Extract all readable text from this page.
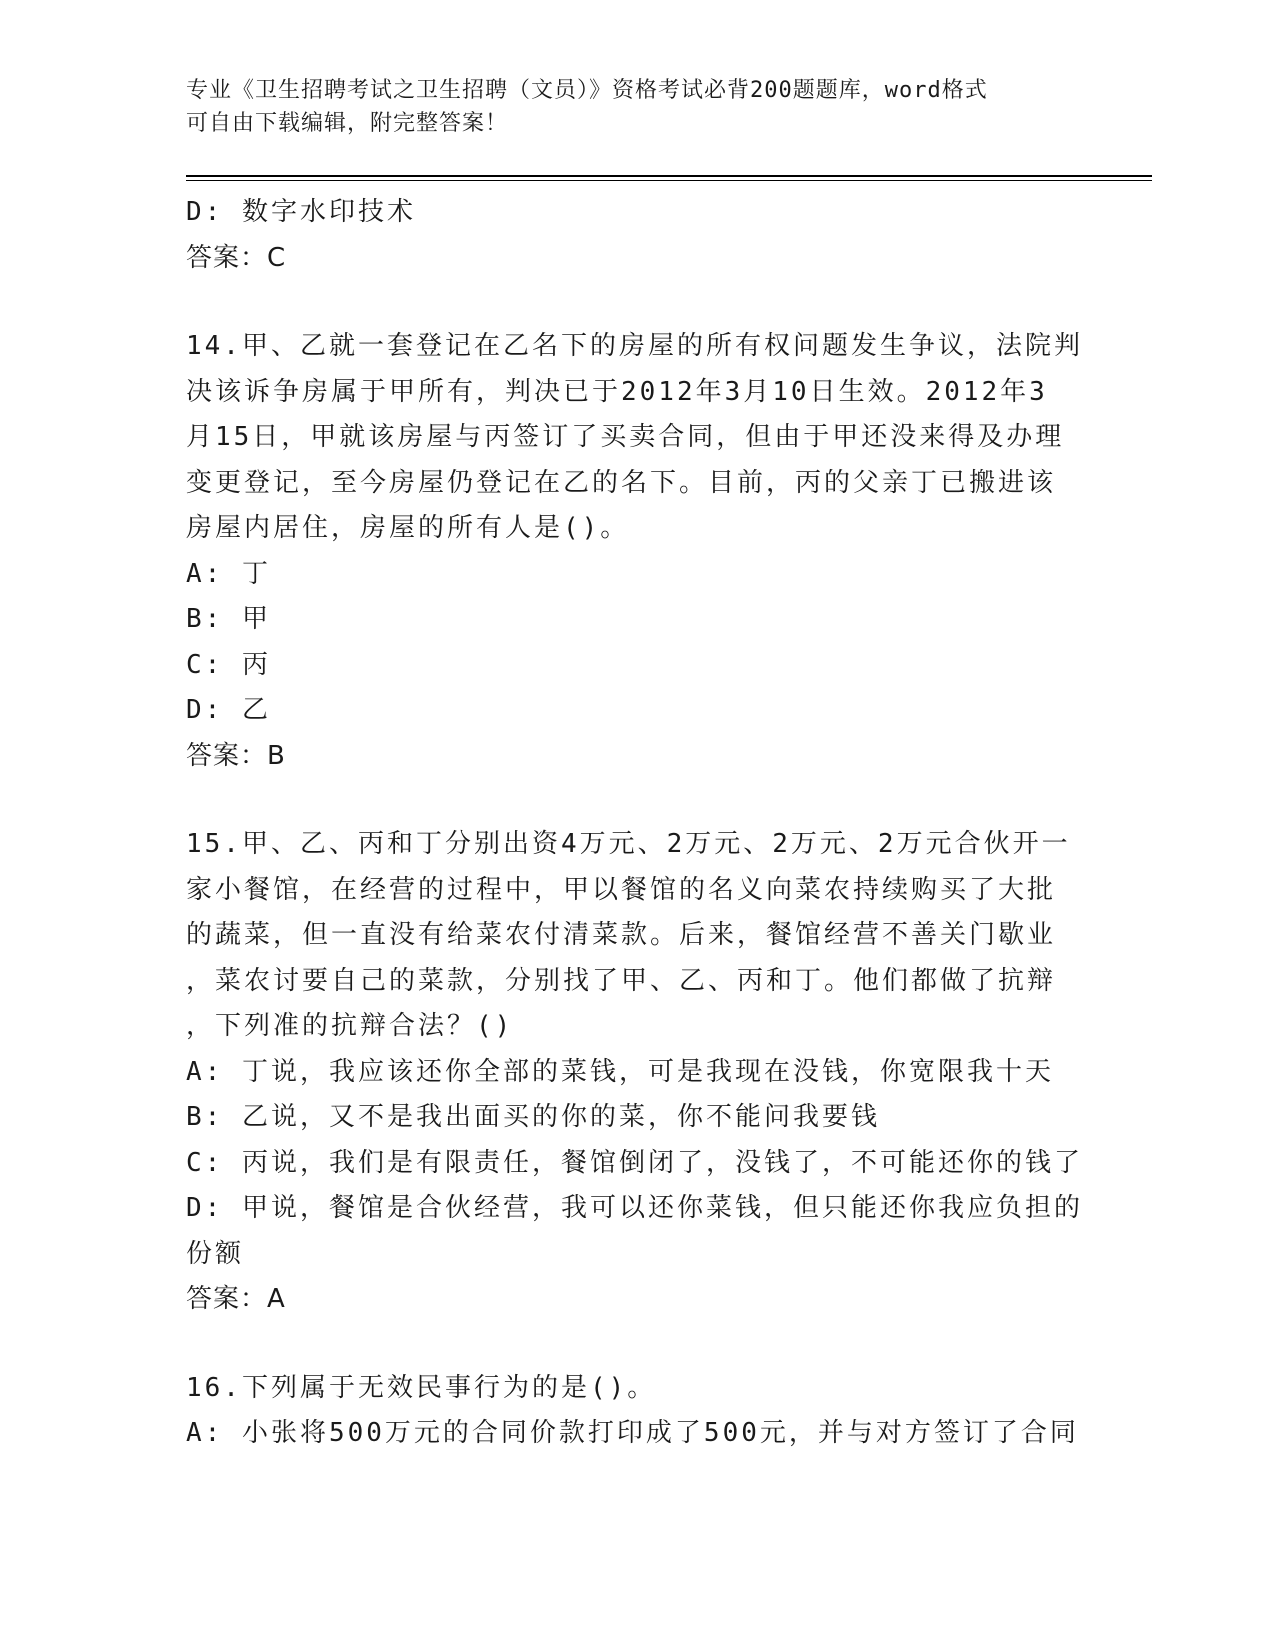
专业《卫生招聘考试之卫生招聘（文员）》资格考试必背200题题库，word格式
可自由下载编辑，附完整答案！
D: 数字水印技术
答案：C
14.甲、乙就一套登记在乙名下的房屋的所有权问题发生争议，法院判
决该诉争房属于甲所有，判决已于2012年3月10日生效。2012年3
月15日，甲就该房屋与丙签订了买卖合同，但由于甲还没来得及办理
变更登记，至今房屋仍登记在乙的名下。目前，丙的父亲丁已搬进该
房屋内居住，房屋的所有人是()。
A: 丁
B: 甲
C: 丙
D: 乙
答案：B
15.甲、乙、丙和丁分别出资4万元、2万元、2万元、2万元合伙开一
家小餐馆，在经营的过程中，甲以餐馆的名义向菜农持续购买了大批
的蔬菜，但一直没有给菜农付清菜款。后来，餐馆经营不善关门歇业
，菜农讨要自己的菜款，分别找了甲、乙、丙和丁。他们都做了抗辩
，下列准的抗辩合法？()
A: 丁说，我应该还你全部的菜钱，可是我现在没钱，你宽限我十天
B: 乙说，又不是我出面买的你的菜，你不能问我要钱
C: 丙说，我们是有限责任，餐馆倒闭了，没钱了，不可能还你的钱了
D: 甲说，餐馆是合伙经营，我可以还你菜钱，但只能还你我应负担的
份额
答案：A
16.下列属于无效民事行为的是()。
A: 小张将500万元的合同价款打印成了500元，并与对方签订了合同
